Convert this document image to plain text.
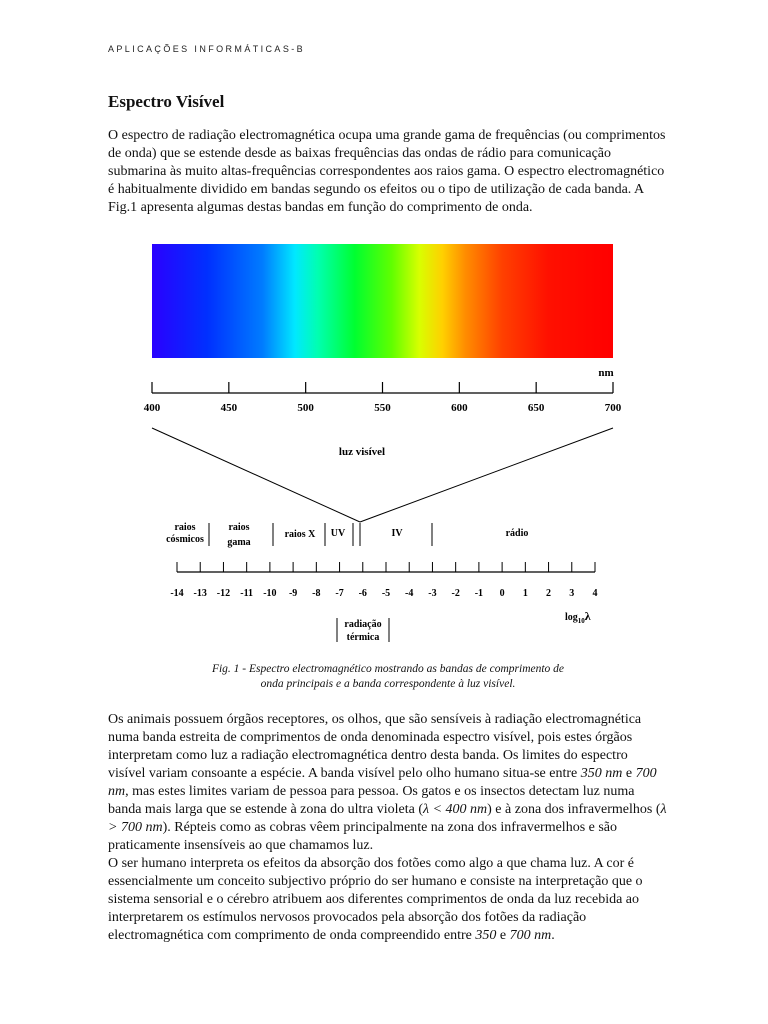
APLICAÇÕES INFORMÁTICAS-B
Espectro Visível

O espectro de radiação electromagnética ocupa uma grande gama de frequências (ou comprimentos de onda) que se estende desde as baixas frequências das ondas de rádio para comunicação submarina às muito altas-frequências correspondentes aos raios gama. O espectro electromagnético é habitualmente dividido em bandas segundo os efeitos ou o tipo de utilização de cada banda. A Fig.1 apresenta algumas destas bandas em função do comprimento de onda.

nm
400	450	500	550	600	650	700
luz visível
raios
cósmicos
raios
gama
raios X UV	IV	rádio
-14 -13 -12 -11 -10 -9 -8 -7 -6 -5 -4 -3 -2 -1 0 1 2 3 4
$\log_{10}\lambda$
radiação
térmica
Fig. 1 - Espectro electromagnético mostrando as bandas de comprimento de
onda principais e a banda correspondente à luz visível.

Os animais possuem órgãos receptores, os olhos, que são sensíveis à radiação electromagnética numa banda estreita de comprimentos de onda denominada espectro visível, pois estes órgãos interpretam como luz a radiação electromagnética dentro desta banda. Os limites do espectro visível variam consoante a espécie. A banda visível pelo olho humano situa-se entre 350 nm e 700 nm, mas estes limites variam de pessoa para pessoa. Os gatos e os insectos detectam luz numa banda mais larga que se estende à zona do ultra violeta (λ < 400 nm) e à zona dos infravermelhos (λ > 700 nm). Répteis como as cobras vêem principalmente na zona dos infravermelhos e são praticamente insensíveis ao que chamamos luz.

O ser humano interpreta os efeitos da absorção dos fotões como algo a que chama luz. A cor é essencialmente um conceito subjectivo próprio do ser humano e consiste na interpretação que o sistema sensorial e o cérebro atribuem aos diferentes comprimentos de onda da luz recebida ao interpretarem os estímulos nervosos provocados pela absorção dos fotões da radiação electromagnética com comprimento de onda compreendido entre 350 e 700 nm.
